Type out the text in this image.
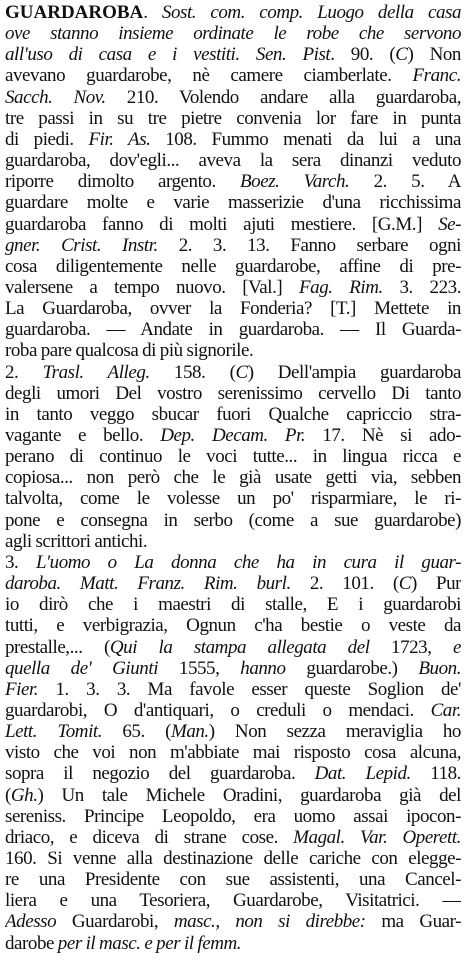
GUARDAROBA. Sost. com. comp. Luogo della casa
ove stanno insieme ordinate le robe che servono
all'uso di casa e i vestiti. Sen. Pist. 90. (C) Non
avevano guardarobe, nè camere ciamberlate. Franc.
Sacch. Nov. 210. Volendo andare alla guardaroba,
tre passi in su tre pietre convenia lor fare in punta
di piedi. Fir. As. 108. Fummo menati da lui a una
guardaroba, dov'egli... aveva la sera dinanzi veduto
riporre dimolto argento. Boez. Varch. 2. 5. A
guardare molte e varie masserizie d'una ricchissima
guardaroba fanno di molti ajuti mestiere. [G.M.] Se-
gner. Crist. Instr. 2. 3. 13. Fanno serbare ogni
cosa diligentemente nelle guardarobe, affine di pre-
valersene a tempo nuovo. [Val.] Fag. Rim. 3. 223.
La Guardaroba, ovver la Fonderia? [T.] Mettete in
guardaroba. — Andate in guardaroba. — Il Guarda-
roba pare qualcosa di più signorile.
2. Trasl. Alleg. 158. (C) Dell'ampia guardaroba
degli umori Del vostro serenissimo cervello Di tanto
in tanto veggo sbucar fuori Qualche capriccio stra-
vagante e bello. Dep. Decam. Pr. 17. Nè si ado-
perano di continuo le voci tutte... in lingua ricca e
copiosa... non però che le già usate getti via, sebben
talvolta, come le volesse un po' risparmiare, le ri-
pone e consegna in serbo (come a sue guardarobe)
agli scrittori antichi.
3. L'uomo o La donna che ha in cura il guar-
daroba. Matt. Franz. Rim. burl. 2. 101. (C) Pur
io dirò che i maestri di stalle, E i guardarobi
tutti, e verbigrazia, Ognun c'ha bestie o veste da
prestalle,... (Qui la stampa allegata del 1723, e
quella de' Giunti 1555, hanno guardarobe.) Buon.
Fier. 1. 3. 3. Ma favole esser queste Soglion de'
guardarobi, O d'antiquari, o creduli o mendaci. Car.
Lett. Tomit. 65. (Man.) Non sezza meraviglia ho
visto che voi non m'abbiate mai risposto cosa alcuna,
sopra il negozio del guardaroba. Dat. Lepid. 118.
(Gh.) Un tale Michele Oradini, guardaroba già del
sereniss. Principe Leopoldo, era uomo assai ipocon-
driaco, e diceva di strane cose. Magal. Var. Operett.
160. Si venne alla destinazione delle cariche con elegge-
re una Presidente con sue assistenti, una Cancel-
liera e una Tesoriera, Guardarobe, Visitatrici. —
Adesso Guardarobi, masc., non si direbbe: ma Guar-
darobe per il masc. e per il femm.
